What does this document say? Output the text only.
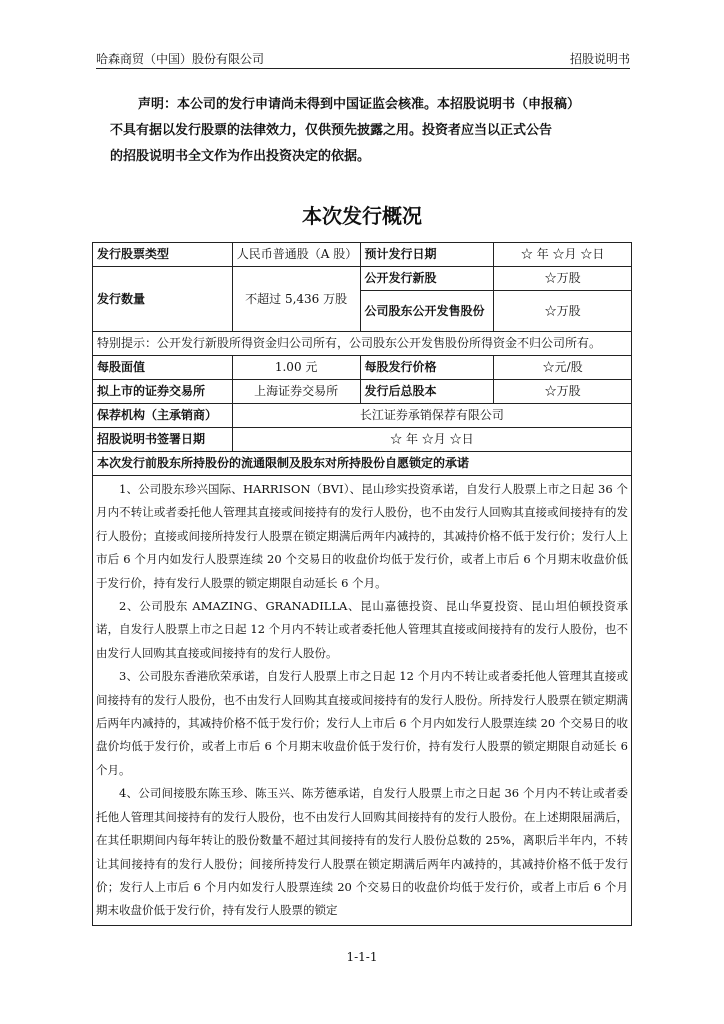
哈森商贸（中国）股份有限公司	招股说明书

声明：本公司的发行申请尚未得到中国证监会核准。本招股说明书（申报稿）

不具有据以发行股票的法律效力，仅供预先披露之用。投资者应当以正式公告

的招股说明书全文作为作出投资决定的依据。

本次发行概况
发行股票类型	人民币普通股（A 股）	预计发行日期	☆ 年 ☆月 ☆日
发行数量	不超过 5,436 万股	公开发行新股	☆万股
		公司股东公开发售股份	☆万股
特别提示：公开发行新股所得资金归公司所有，公司股东公开发售股份所得资金不归公司所有。			
每股面值	1.00 元	每股发行价格	☆元/股
拟上市的证券交易所	上海证券交易所	发行后总股本	☆万股
保荐机构（主承销商）	长江证券承销保荐有限公司		
招股说明书签署日期	☆ 年 ☆月 ☆日		
本次发行前股东所持股份的流通限制及股东对所持股份自愿锁定的承诺			

1、公司股东珍兴国际、HARRISON（BVI）、昆山珍实投资承诺，自发行人股票上市之日起 36 个月内不转让或者委托他人管理其直接或间接持有的发行人股份，也不由发行人回购其直接或间接持有的发行人股份；直接或间接所持发行人股票在锁定期满后两年内减持的，其减持价格不低于发行价；发行人上市后 6 个月内如发行人股票连续 20 个交易日的收盘价均低于发行价，或者上市后 6 个月期末收盘价低于发行价，持有发行人股票的锁定期限自动延长 6 个月。

2、公司股东 AMAZING、GRANADILLA、昆山嘉德投资、昆山华夏投资、昆山坦伯顿投资承诺，自发行人股票上市之日起 12 个月内不转让或者委托他人管理其直接或间接持有的发行人股份，也不由发行人回购其直接或间接持有的发行人股份。

3、公司股东香港欣荣承诺，自发行人股票上市之日起 12 个月内不转让或者委托他人管理其直接或间接持有的发行人股份，也不由发行人回购其直接或间接持有的发行人股份。所持发行人股票在锁定期满后两年内减持的，其减持价格不低于发行价；发行人上市后 6 个月内如发行人股票连续 20 个交易日的收盘价均低于发行价，或者上市后 6 个月期末收盘价低于发行价，持有发行人股票的锁定期限自动延长 6 个月。

4、公司间接股东陈玉珍、陈玉兴、陈芳德承诺，自发行人股票上市之日起 36 个月内不转让或者委托他人管理其间接持有的发行人股份，也不由发行人回购其间接持有的发行人股份。在上述期限届满后，在其任职期间内每年转让的股份数量不超过其间接持有的发行人股份总数的 25%，离职后半年内，不转让其间接持有的发行人股份；间接所持发行人股票在锁定期满后两年内减持的，其减持价格不低于发行价；发行人上市后 6 个月内如发行人股票连续 20 个交易日的收盘价均低于发行价，或者上市后 6 个月期末收盘价低于发行价，持有发行人股票的锁定			

1-1-1
